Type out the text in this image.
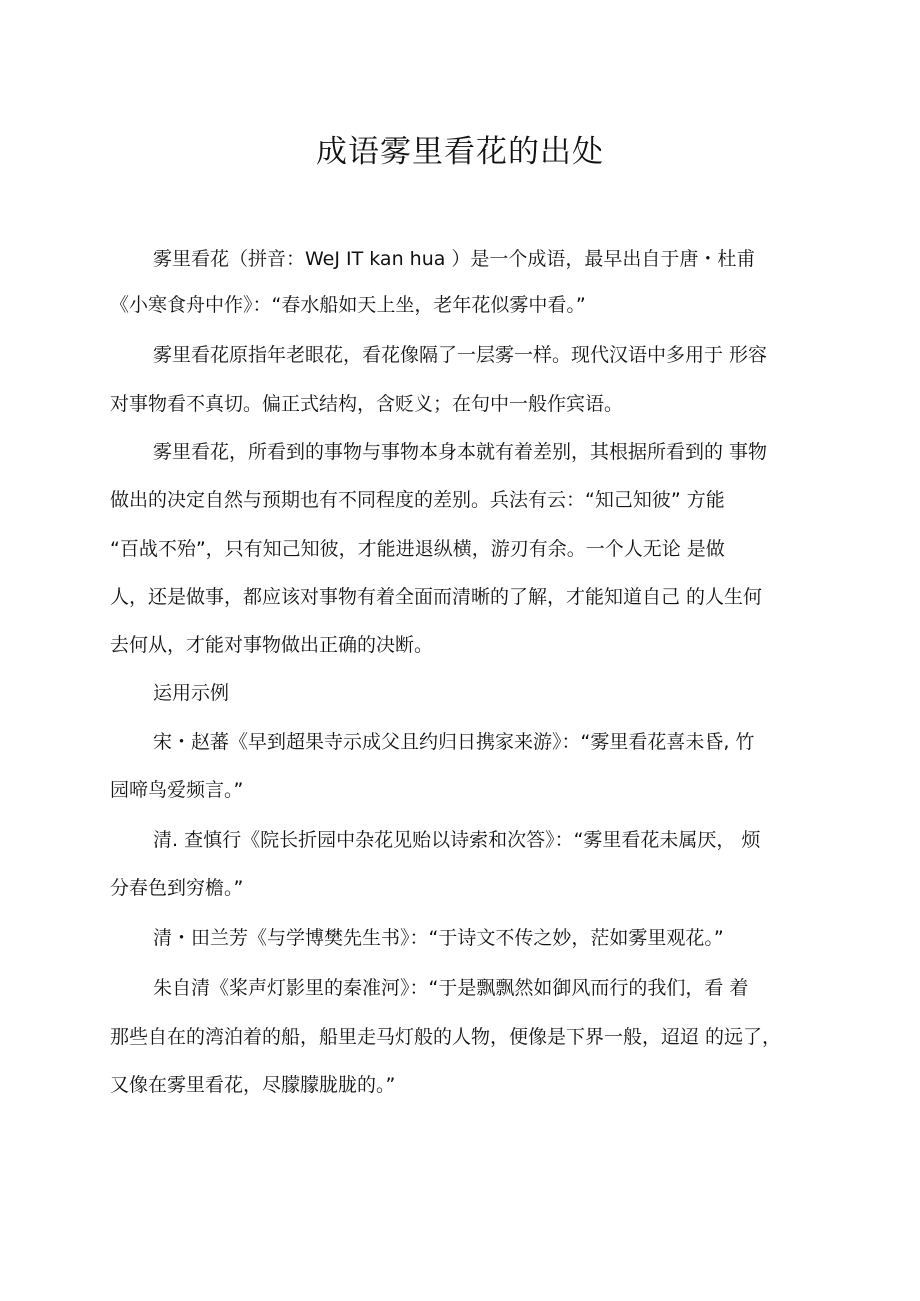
成语雾里看花的出处
雾里看花（拼音：WeJ IT kan hua ）是一个成语，最早出自于唐・杜甫
《小寒食舟中作》：“春水船如天上坐，老年花似雾中看。”
雾里看花原指年老眼花，看花像隔了一层雾一样。现代汉语中多用于 形容
对事物看不真切。偏正式结构，含贬义；在句中一般作宾语。
雾里看花，所看到的事物与事物本身本就有着差别，其根据所看到的 事物
做出的决定自然与预期也有不同程度的差别。兵法有云：“知己知彼” 方能
“百战不殆”，只有知己知彼，才能进退纵横，游刃有余。一个人无论 是做
人，还是做事，都应该对事物有着全面而清晰的了解，才能知道自己 的人生何
去何从，才能对事物做出正确的决断。
运用示例
宋・赵蕃《早到超果寺示成父且约归日携家来游》：“雾里看花喜未昏, 竹
园啼鸟爱频言。”
清. 查慎行《院长折园中杂花见贻以诗索和次答》：“雾里看花未属厌， 烦
分春色到穷檐。”
清・田兰芳《与学博樊先生书》：“于诗文不传之妙，茫如雾里观花。”
朱自清《桨声灯影里的秦准河》：“于是飘飘然如御风而行的我们，看 着
那些自在的湾泊着的船，船里走马灯般的人物，便像是下界一般，迢迢 的远了，
又像在雾里看花，尽朦朦胧胧的。”
